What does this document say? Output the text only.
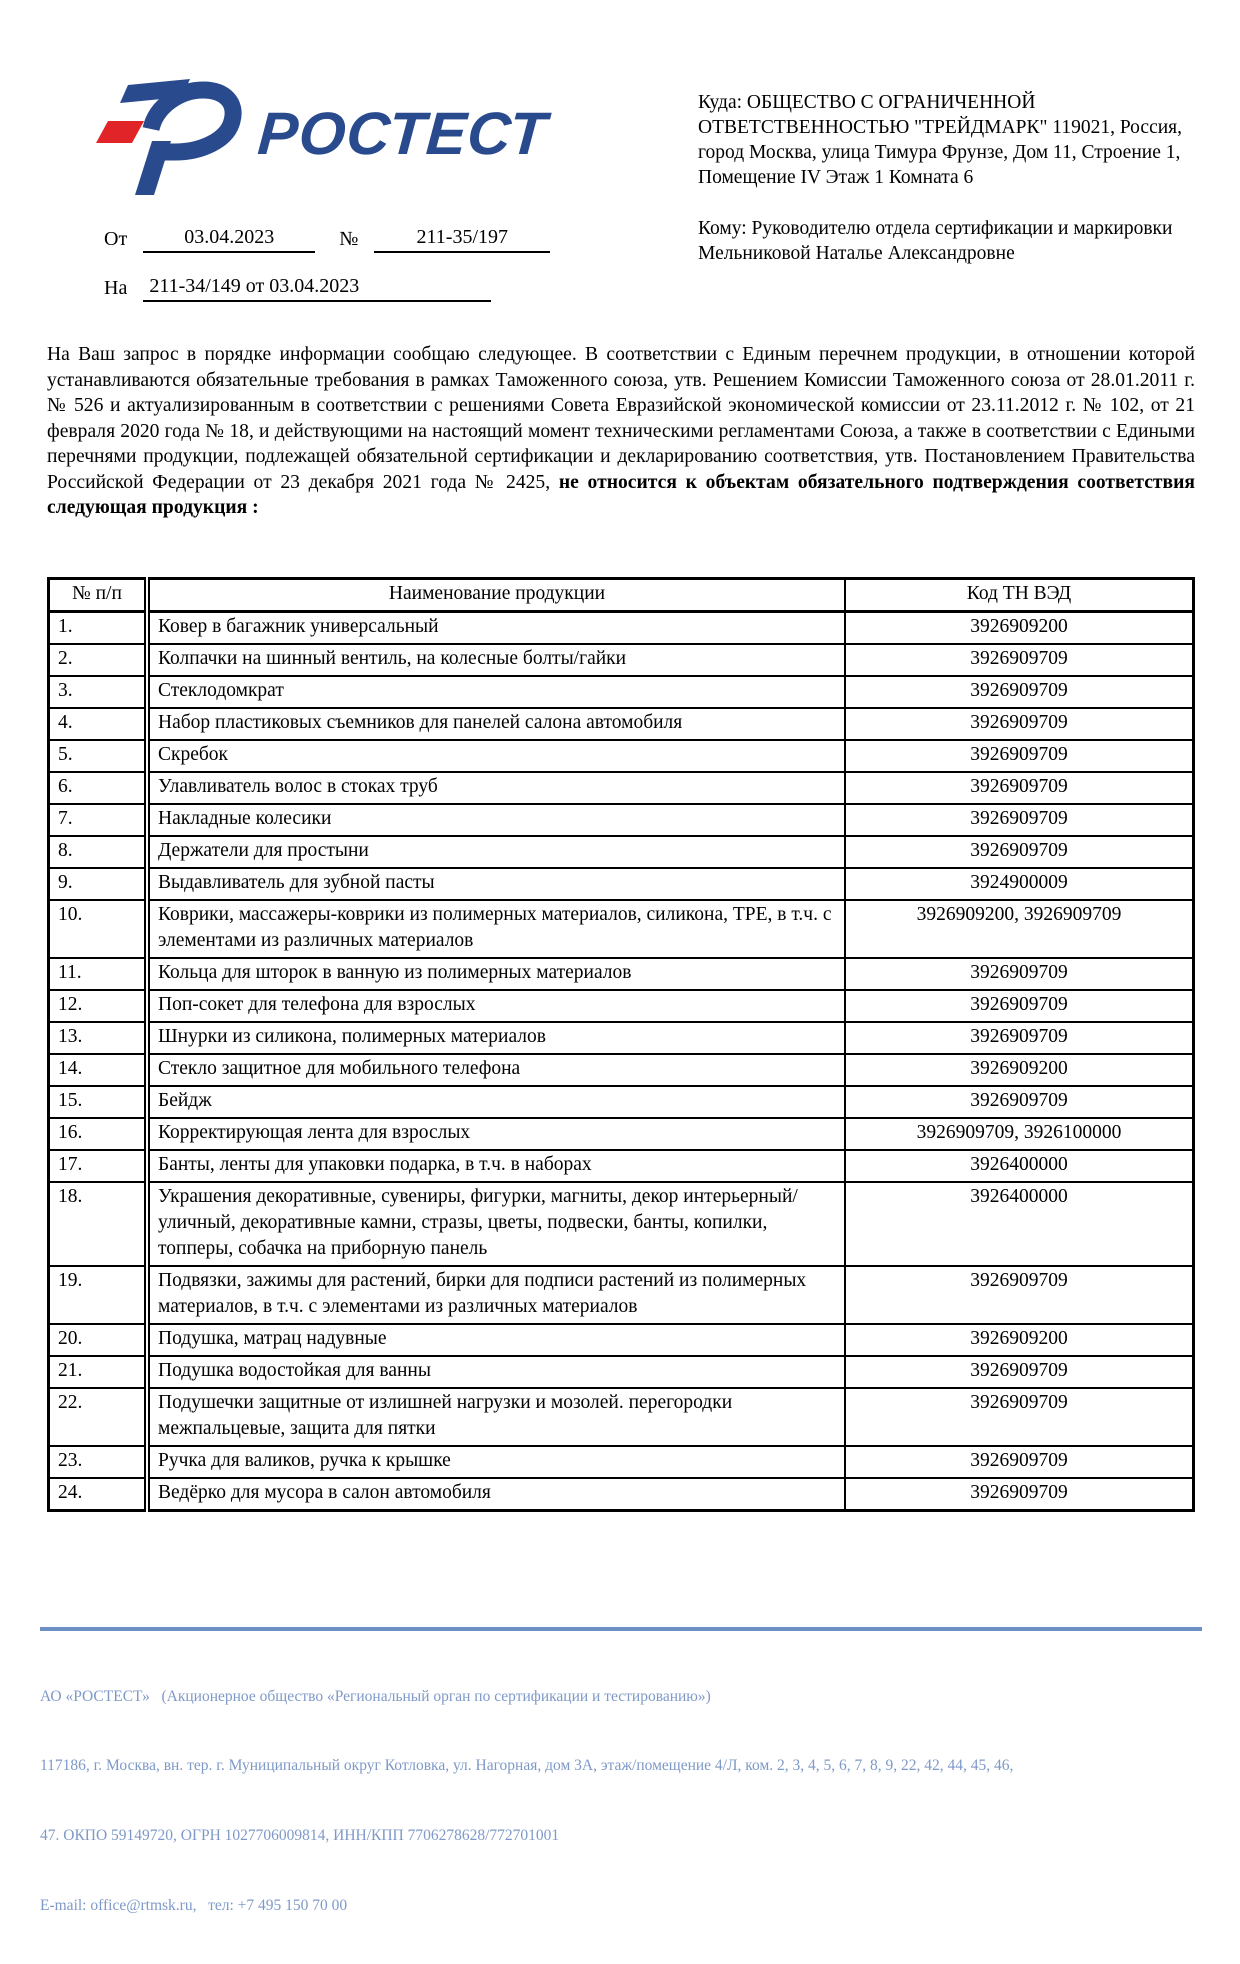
РОСТЕСТ
От	03.04.2023	№	211-35/197
На	211-34/149 от 03.04.2023

Куда: ОБЩЕСТВО С ОГРАНИЧЕННОЙ ОТВЕТСТВЕННОСТЬЮ "ТРЕЙДМАРК" 119021, Россия, город Москва, улица Тимура Фрунзе, Дом 11, Строение 1, Помещение IV Этаж 1 Комната 6

Кому: Руководителю отдела сертификации и маркировки Мельниковой Наталье Александровне

На Ваш запрос в порядке информации сообщаю следующее. В соответствии с Единым перечнем продукции, в отношении которой устанавливаются обязательные требования в рамках Таможенного союза, утв. Решением Комиссии Таможенного союза от 28.01.2011 г. № 526 и актуализированным в соответствии с решениями Совета Евразийской экономической комиссии от 23.11.2012 г. № 102, от 21 февраля 2020 года № 18, и действующими на настоящий момент техническими регламентами Союза, а также в соответствии с Едиными перечнями продукции, подлежащей обязательной сертификации и декларированию соответствия, утв. Постановлением Правительства Российской Федерации от 23 декабря 2021 года № 2425, не относится к объектам обязательного подтверждения соответствия следующая продукция :

№ п/п	Наименование продукции	Код ТН ВЭД
1.	Ковер в багажник универсальный	3926909200
2.	Колпачки на шинный вентиль, на колесные болты/гайки	3926909709
3.	Стеклодомкрат	3926909709
4.	Набор пластиковых съемников для панелей салона автомобиля	3926909709
5.	Скребок	3926909709
6.	Улавливатель волос в стоках труб	3926909709
7.	Накладные колесики	3926909709
8.	Держатели для простыни	3926909709
9.	Выдавливатель для зубной пасты	3924900009
10.	Коврики, массажеры-коврики из полимерных материалов, силикона, ТРЕ, в т.ч. с элементами из различных материалов	3926909200, 3926909709
11.	Кольца для шторок в ванную из полимерных материалов	3926909709
12.	Поп-сокет для телефона для взрослых	3926909709
13.	Шнурки из силикона, полимерных материалов	3926909709
14.	Стекло защитное для мобильного телефона	3926909200
15.	Бейдж	3926909709
16.	Корректирующая лента для взрослых	3926909709, 3926100000
17.	Банты, ленты для упаковки подарка, в т.ч. в наборах	3926400000
18.	Украшения декоративные, сувениры, фигурки, магниты, декор интерьерный/уличный, декоративные камни, стразы, цветы, подвески, банты, копилки, топперы, собачка на приборную панель	3926400000
19.	Подвязки, зажимы для растений, бирки для подписи растений из полимерных материалов, в т.ч. с элементами из различных материалов	3926909709
20.	Подушка, матрац надувные	3926909200
21.	Подушка водостойкая для ванны	3926909709
22.	Подушечки защитные от излишней нагрузки и мозолей. перегородки межпальцевые, защита для пятки	3926909709
23.	Ручка для валиков, ручка к крышке	3926909709
24.	Ведёрко для мусора в салон автомобиля	3926909709

АО «РОСТЕСТ»   (Акционерное общество «Региональный орган по сертификации и тестированию»)

117186, г. Москва, вн. тер. г. Муниципальный округ Котловка, ул. Нагорная, дом 3А, этаж/помещение 4/Л, ком. 2, 3, 4, 5, 6, 7, 8, 9, 22, 42, 44, 45, 46,

47. ОКПО 59149720, ОГРН 1027706009814, ИНН/КПП 7706278628/772701001

E-mail: office@rtmsk.ru,   тел: +7 495 150 70 00
